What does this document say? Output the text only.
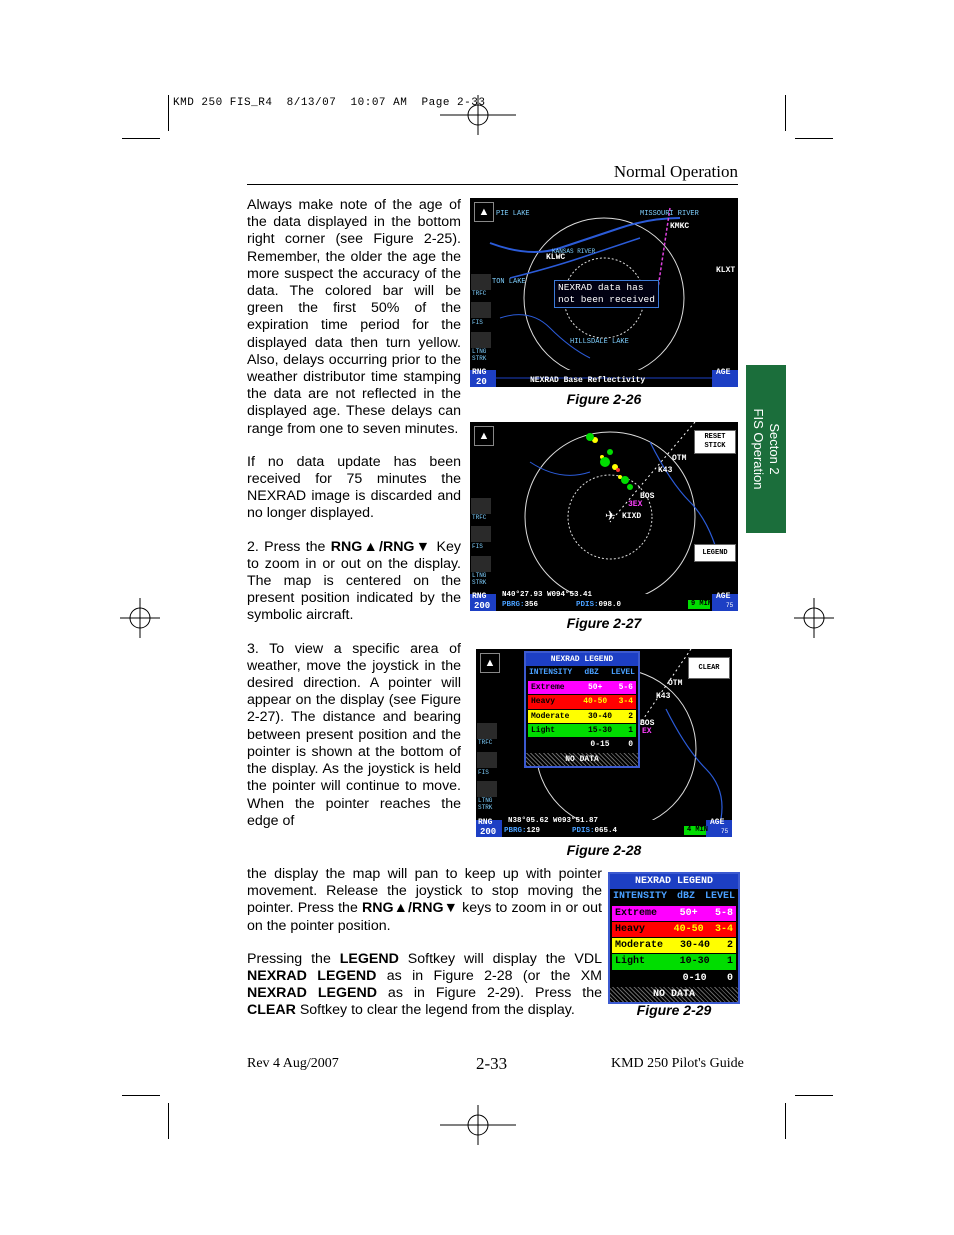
KMD 250 FIS_R4  8/13/07  10:07 AM  Page 2-33
Normal Operation
Secton 2
FIS Operation

Always make note of the age of the data displayed in the bottom right corner (see Figure 2-25). Remember, the older the age the more suspect the accuracy of the data. The colored bar will be green the first 50% of the expiration time period for the displayed data then turn yellow. Also, delays occurring prior to the weather distributor time stamping the data are not reflected in the displayed age. These delays can range from one to seven minutes.

If no data update has been received for 75 minutes the NEXRAD image is discarded and no longer displayed.

2. Press the RNG▲/RNG▼ Key to zoom in or out on the display. The map is centered on the present position indicated by the symbolic aircraft.

3. To view a specific area of weather, move the joystick in the desired direction. A pointer will appear on the display (see Figure 2-27). The distance and bearing between present position and the pointer is shown at the bottom of the display. As the joystick is held the pointer will continue to move. When the pointer reaches the edge of

the display the map will pan to keep up with pointer movement. Release the joystick to stop moving the pointer. Press the RNG▲/RNG▼ keys to zoom in or out on the pointer position.

Pressing the LEGEND Softkey will display the VDL NEXRAD LEGEND as in Figure 2-28 (or the XM NEXRAD LEGEND as in Figure 2-29). Press the CLEAR Softkey to clear the legend from the display.

PIE LAKE	MISSOURI RIVER
KMKC
KLWC
KANSAS RIVER
TON LAKE
KLXT
HILLSDALE LAKE
NEXRAD data has
not been received
▲
TRFC
FIS
LTNG STRK
RNG
20	NEXRAD Base Reflectivity
AGE
Figure 2-26
▲
OTM
K43
BOS
KIXD
3EX
✈
RESET STICK
LEGEND
TRFC
FIS
LTNG STRK
RNG
200
N40°27.93 W094°53.41
PBRG:356	PDIS:098.0
AGE
9 MIN 75
Figure 2-27
▲
OTM
K43
BOS
EX
CLEAR
NEXRAD LEGEND
INTENSITY dBZ LEVEL
Extreme	50+ 5-6
Heavy	40-50 3-4
Moderate 30-40 2
Light	15-30 1
0-15 0
NO DATA
TRFC
FIS
LTNG STRK
RNG
200
N38°05.62 W093°51.87
PBRG:129	PDIS:065.4
AGE
4 MIN 75
Figure 2-28
NEXRAD LEGEND
INTENSITY dBZ LEVEL
Extreme	50+ 5-8
Heavy	40-50 3-4
Moderate 30-40 2
Light	10-30 1
0-10 0
NO DATA
Figure 2-29
Rev 4 Aug/2007	2-33	KMD 250 Pilot's Guide
